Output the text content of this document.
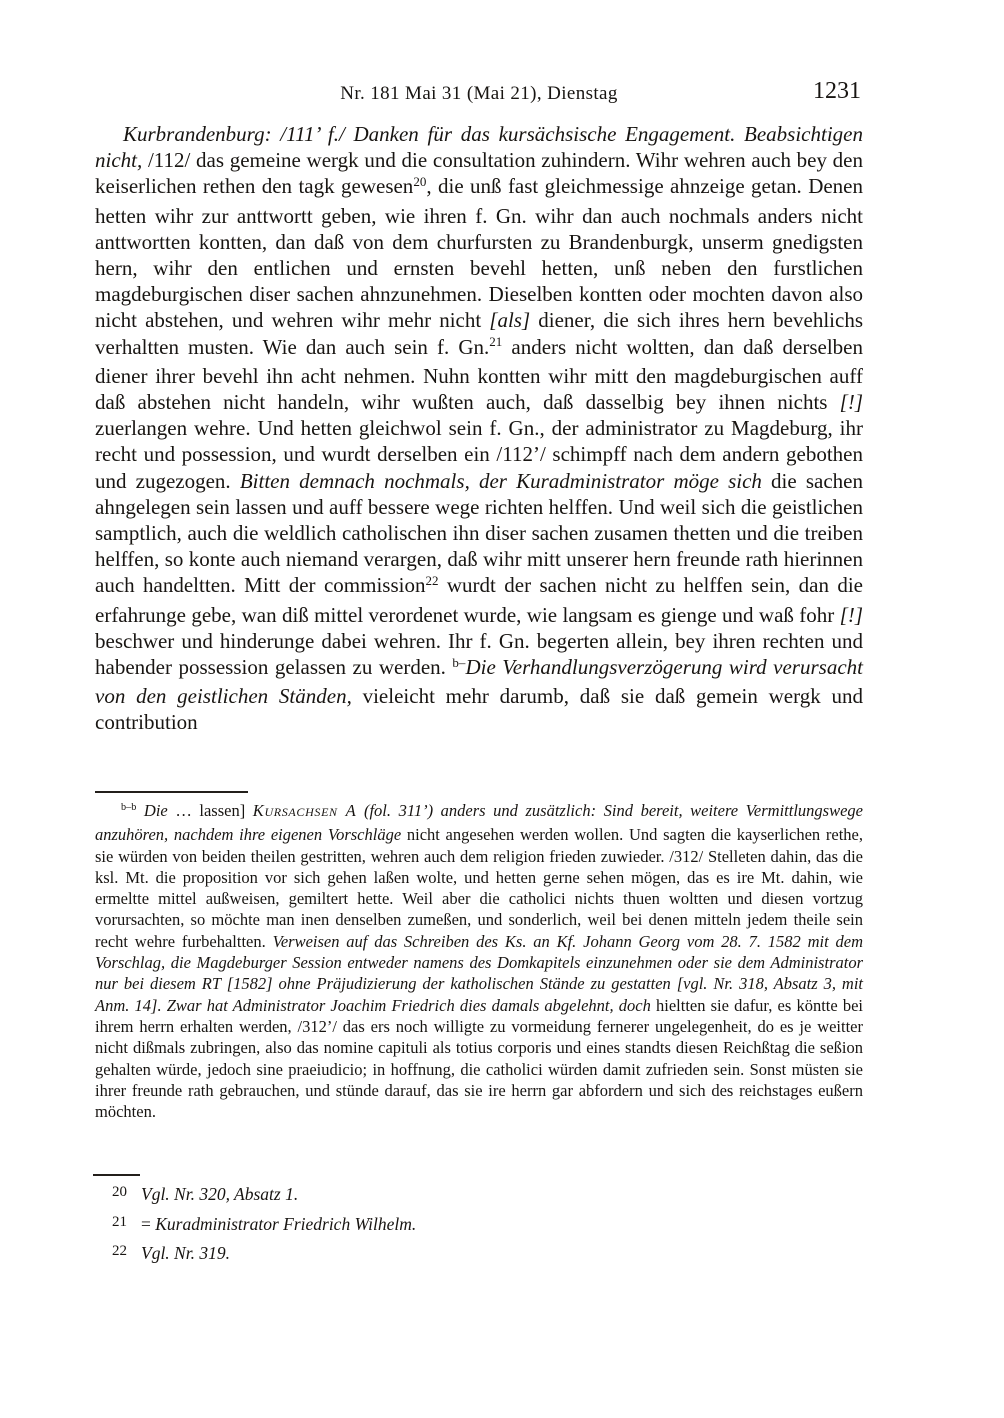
Nr. 181 Mai 31 (Mai 21), Dienstag	1231
Kurbrandenburg: /111’ f./ Danken für das kursächsische Engagement. Beabsichtigen nicht, /112/ das gemeine wergk und die consultation zuhindern. Wihr wehren auch bey den keiserlichen rethen den tagk gewesen$^{20}$, die unß fast gleichmessige ahnzeige getan. Denen hetten wihr zur anttwortt geben, wie ihren f. Gn. wihr dan auch nochmals anders nicht anttwortten kontten, dan daß von dem churfursten zu Brandenburgk, unserm gnedigsten hern, wihr den entlichen und ernsten bevehl hetten, unß neben den furstlichen magdeburgischen diser sachen ahnzunehmen. Dieselben kontten oder mochten davon also nicht abstehen, und wehren wihr mehr nicht [als] diener, die sich ihres hern bevehlichs verhaltten musten. Wie dan auch sein f. Gn.$^{21}$ anders nicht woltten, dan daß derselben diener ihrer bevehl ihn acht nehmen. Nuhn kontten wihr mitt den magdeburgischen auff daß abstehen nicht handeln, wihr wußten auch, daß dasselbig bey ihnen nichts [!] zuerlangen wehre. Und hetten gleichwol sein f. Gn., der administrator zu Magdeburg, ihr recht und possession, und wurdt derselben ein /112’/ schimpff nach dem andern gebothen und zugezogen. Bitten demnach nochmals, der Kuradministrator möge sich die sachen ahngelegen sein lassen und auff bessere wege richten helffen. Und weil sich die geistlichen samptlich, auch die weldlich catholischen ihn diser sachen zusamen thetten und die treiben helffen, so konte auch niemand verargen, daß wihr mitt unserer hern freunde rath hierinnen auch handeltten. Mitt der commission$^{22}$ wurdt der sachen nicht zu helffen sein, dan die erfahrunge gebe, wan diß mittel verordenet wurde, wie langsam es gienge und waß fohr [!] beschwer und hinderunge dabei wehren. Ihr f. Gn. begerten allein, bey ihren rechten und habender possession gelassen zu werden. $^{b-}$Die Verhandlungsverzögerung wird verursacht von den geistlichen Ständen, vieleicht mehr darumb, daß sie daß gemein wergk und contribution
$^{b-b}$ Die … lassen] Kursachsen A (fol. 311’) anders und zusätzlich: Sind bereit, weitere Vermittlungswege anzuhören, nachdem ihre eigenen Vorschläge nicht angesehen werden wollen. Und sagten die kayserlichen rethe, sie würden von beiden theilen gestritten, wehren auch dem religion frieden zuwieder. /312/ Stelleten dahin, das die ksl. Mt. die proposition vor sich gehen laßen wolte, und hetten gerne sehen mögen, das es ire Mt. dahin, wie ermeltte mittel außweisen, gemiltert hette. Weil aber die catholici nichts thuen woltten und diesen vortzug vorursachten, so möchte man inen denselben zumeßen, und sonderlich, weil bei denen mitteln jedem theile sein recht wehre furbehaltten. Verweisen auf das Schreiben des Ks. an Kf. Johann Georg vom 28. 7. 1582 mit dem Vorschlag, die Magdeburger Session entweder namens des Domkapitels einzunehmen oder sie dem Administrator nur bei diesem RT [1582] ohne Präjudizierung der katholischen Stände zu gestatten [vgl. Nr. 318, Absatz 3, mit Anm. 14]. Zwar hat Administrator Joachim Friedrich dies damals abgelehnt, doch hieltten sie dafur, es köntte bei ihrem herrn erhalten werden, /312’/ das ers noch willigte zu vormeidung fernerer ungelegenheit, do es je weitter nicht dißmals zubringen, also das nomine capituli als totius corporis und eines standts diesen Reichßtag die seßion gehalten würde, jedoch sine praeiudicio; in hoffnung, die catholici würden damit zufrieden sein. Sonst müsten sie ihrer freunde rath gebrauchen, und stünde darauf, das sie ire herrn gar abfordern und sich des reichstages eußern möchten.
20 Vgl. Nr. 320, Absatz 1.
21 = Kuradministrator Friedrich Wilhelm.
22 Vgl. Nr. 319.
